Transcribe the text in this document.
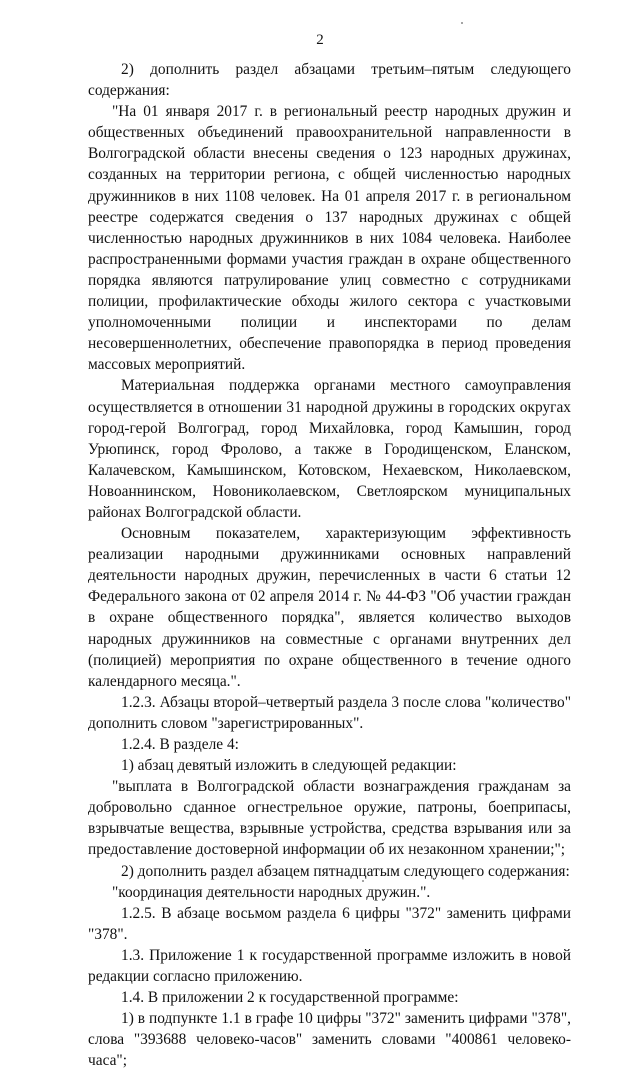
2

2) дополнить раздел абзацами третьим–пятым следующего содержания:

"На 01 января 2017 г. в региональный реестр народных дружин и общественных объединений правоохранительной направленности в Волгоградской области внесены сведения о 123 народных дружинах, созданных на территории региона, с общей численностью народных дружинников в них 1108 человек. На 01 апреля 2017 г. в региональном реестре содержатся сведения о 137 народных дружинах с общей численностью народных дружинников в них 1084 человека. Наиболее распространенными формами участия граждан в охране общественного порядка являются патрулирование улиц совместно с сотрудниками полиции, профилактические обходы жилого сектора с участковыми уполномоченными полиции и инспекторами по делам несовершеннолетних, обеспечение правопорядка в период проведения массовых мероприятий.

Материальная поддержка органами местного самоуправления осуществляется в отношении 31 народной дружины в городских округах город-герой Волгоград, город Михайловка, город Камышин, город Урюпинск, город Фролово, а также в Городищенском, Еланском, Калачевском, Камышинском, Котовском, Нехаевском, Николаевском, Новоаннинском, Новониколаевском, Светлоярском муниципальных районах Волгоградской области.

Основным показателем, характеризующим эффективность реализации народными дружинниками основных направлений деятельности народных дружин, перечисленных в части 6 статьи 12 Федерального закона от 02 апреля 2014 г. № 44-ФЗ "Об участии граждан в охране общественного порядка", является количество выходов народных дружинников на совместные с органами внутренних дел (полицией) мероприятия по охране общественного в течение одного календарного месяца.".

1.2.3. Абзацы второй–четвертый раздела 3 после слова "количество" дополнить словом "зарегистрированных".

1.2.4. В разделе 4:

1) абзац девятый изложить в следующей редакции:

"выплата в Волгоградской области вознаграждения гражданам за добровольно сданное огнестрельное оружие, патроны, боеприпасы, взрывчатые вещества, взрывные устройства, средства взрывания или за предоставление достоверной информации об их незаконном хранении;";

2) дополнить раздел абзацем пятнадцатым следующего содержания:

"координация деятельности народных дружин.".

1.2.5. В абзаце восьмом раздела 6 цифры "372" заменить цифрами "378".

1.3. Приложение 1 к государственной программе изложить в новой редакции согласно приложению.

1.4. В приложении 2 к государственной программе:

1) в подпункте 1.1 в графе 10 цифры "372" заменить цифрами "378", слова "393688 человеко-часов" заменить словами "400861 человеко-часа";
